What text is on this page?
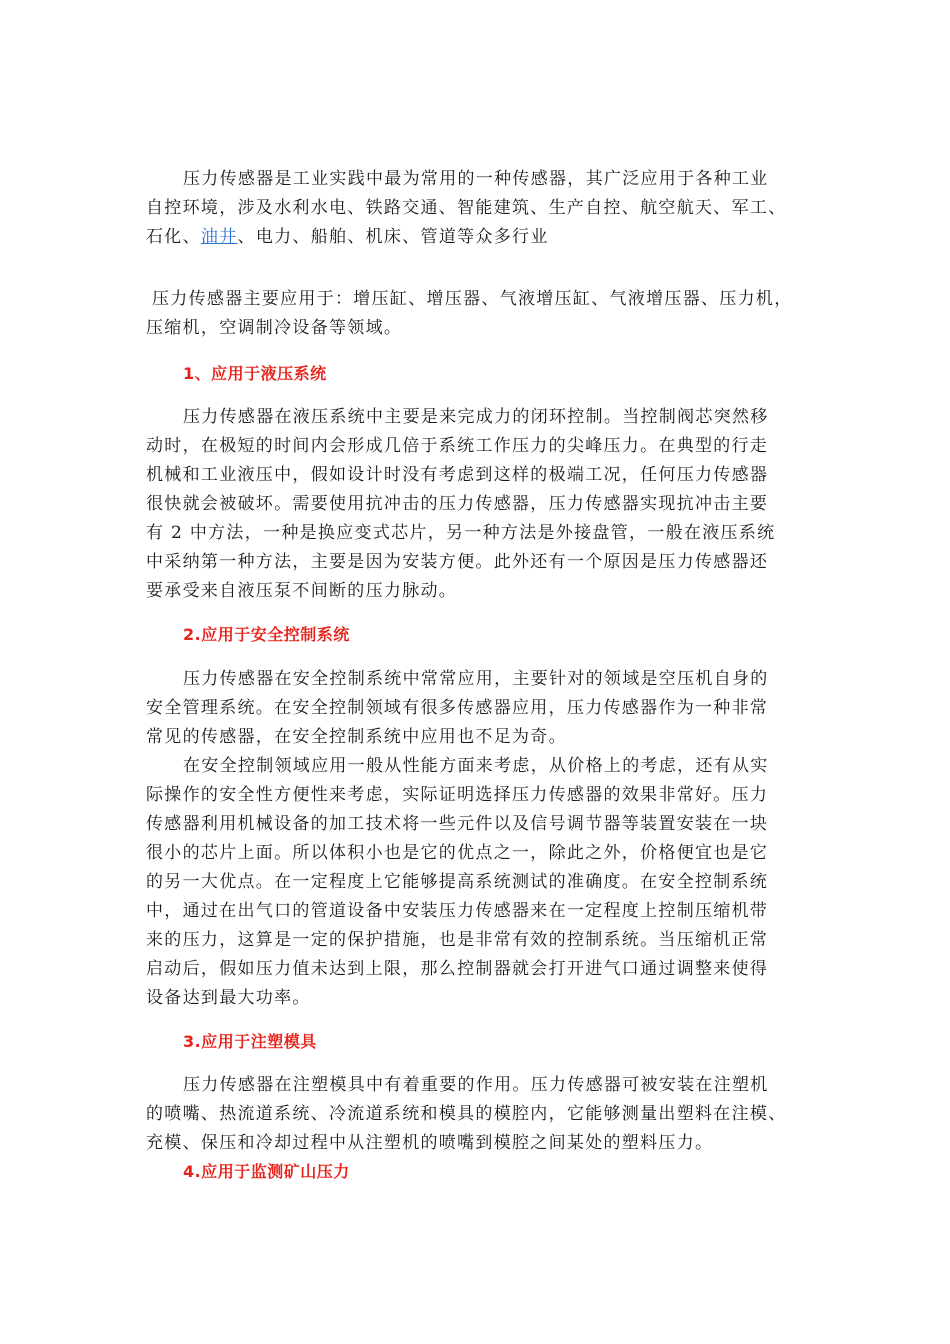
压力传感器是工业实践中最为常用的一种传感器，其广泛应用于各种工业
自控环境，涉及水利水电、铁路交通、智能建筑、生产自控、航空航天、军工、
石化、油井、电力、船舶、机床、管道等众多行业
压力传感器主要应用于：增压缸、增压器、气液增压缸、气液增压器、压力机，
压缩机，空调制冷设备等领域。
1、应用于液压系统
压力传感器在液压系统中主要是来完成力的闭环控制。当控制阀芯突然移
动时，在极短的时间内会形成几倍于系统工作压力的尖峰压力。在典型的行走
机械和工业液压中，假如设计时没有考虑到这样的极端工况，任何压力传感器
很快就会被破坏。需要使用抗冲击的压力传感器，压力传感器实现抗冲击主要
有 2 中方法，一种是换应变式芯片，另一种方法是外接盘管，一般在液压系统
中采纳第一种方法，主要是因为安装方便。此外还有一个原因是压力传感器还
要承受来自液压泵不间断的压力脉动。
2.应用于安全控制系统
压力传感器在安全控制系统中常常应用，主要针对的领域是空压机自身的
安全管理系统。在安全控制领域有很多传感器应用，压力传感器作为一种非常
常见的传感器，在安全控制系统中应用也不足为奇。
在安全控制领域应用一般从性能方面来考虑，从价格上的考虑，还有从实
际操作的安全性方便性来考虑，实际证明选择压力传感器的效果非常好。压力
传感器利用机械设备的加工技术将一些元件以及信号调节器等装置安装在一块
很小的芯片上面。所以体积小也是它的优点之一，除此之外，价格便宜也是它
的另一大优点。在一定程度上它能够提高系统测试的准确度。在安全控制系统
中，通过在出气口的管道设备中安装压力传感器来在一定程度上控制压缩机带
来的压力，这算是一定的保护措施，也是非常有效的控制系统。当压缩机正常
启动后，假如压力值未达到上限，那么控制器就会打开进气口通过调整来使得
设备达到最大功率。
3.应用于注塑模具
压力传感器在注塑模具中有着重要的作用。压力传感器可被安装在注塑机
的喷嘴、热流道系统、冷流道系统和模具的模腔内，它能够测量出塑料在注模、
充模、保压和冷却过程中从注塑机的喷嘴到模腔之间某处的塑料压力。
4.应用于监测矿山压力
